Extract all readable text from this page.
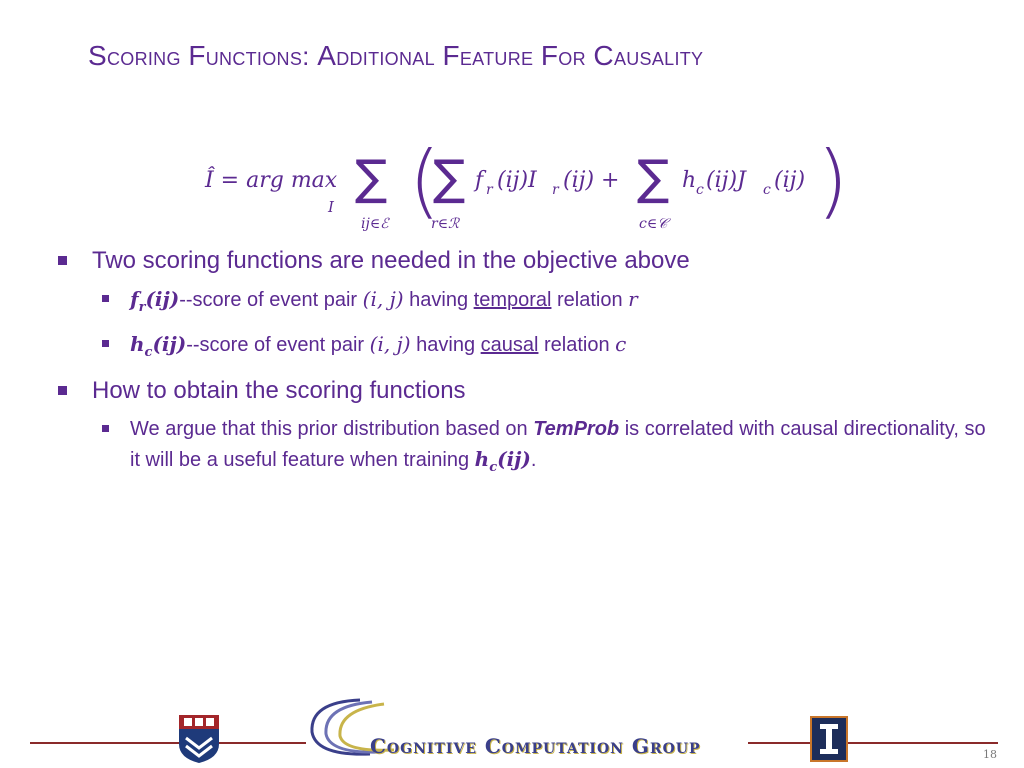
Scoring Functions: Additional Feature For Causality
Î = arg max
I
∑
ij∈ℰ (
∑
r∈ℛ
f r (ij)I r (ij) + ∑
c∈𝒞
h c (ij)J c (ij) )
Two scoring functions are needed in the objective above
$f_r(ij)-$-score of event pair (i, j) having temporal relation r
$h_c(ij)-$-score of event pair (i, j) having causal relation c
How to obtain the scoring functions
We argue that this prior distribution based on TemProb is correlated with causal directionality, so it will be a useful feature when training $h_c(ij)$.
Cognitive Computation Group	18
